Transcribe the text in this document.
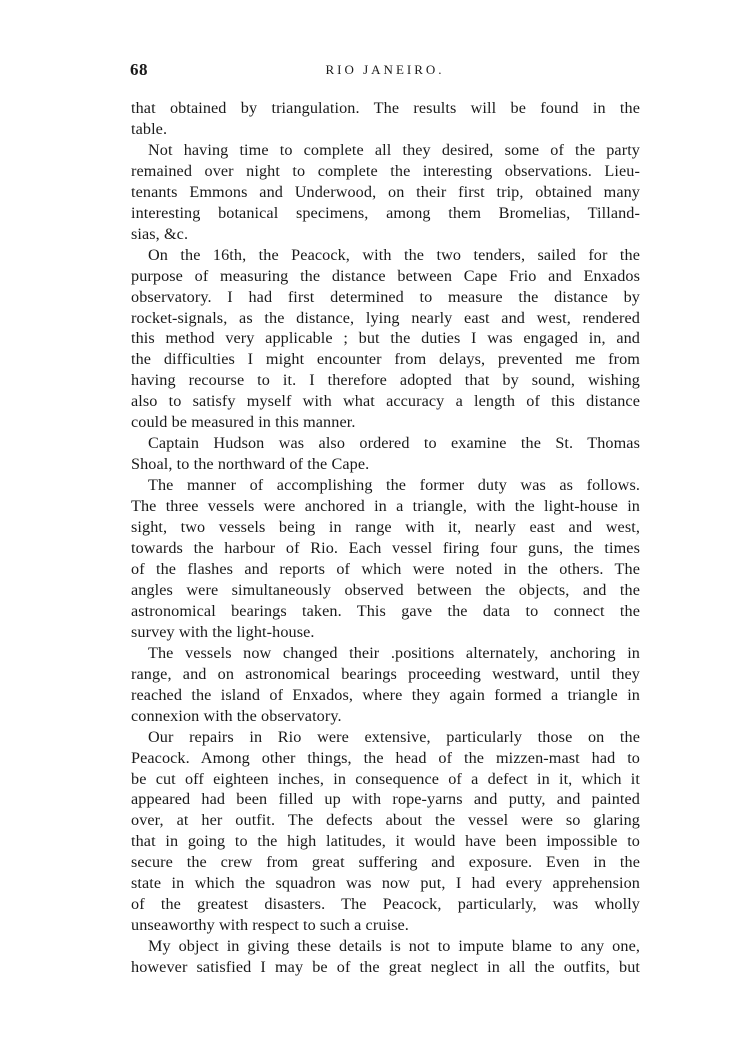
68	RIO JANEIRO.

that obtained by triangulation. The results will be found in the
table.

Not having time to complete all they desired, some of the party
remained over night to complete the interesting observations. Lieu-
tenants Emmons and Underwood, on their first trip, obtained many
interesting botanical specimens, among them Bromelias, Tilland-
sias, &c.

On the 16th, the Peacock, with the two tenders, sailed for the
purpose of measuring the distance between Cape Frio and Enxados
observatory. I had first determined to measure the distance by
rocket-signals, as the distance, lying nearly east and west, rendered
this method very applicable ; but the duties I was engaged in, and
the difficulties I might encounter from delays, prevented me from
having recourse to it. I therefore adopted that by sound, wishing
also to satisfy myself with what accuracy a length of this distance
could be measured in this manner.

Captain Hudson was also ordered to examine the St. Thomas
Shoal, to the northward of the Cape.

The manner of accomplishing the former duty was as follows.
The three vessels were anchored in a triangle, with the light-house in
sight, two vessels being in range with it, nearly east and west,
towards the harbour of Rio. Each vessel firing four guns, the times
of the flashes and reports of which were noted in the others. The
angles were simultaneously observed between the objects, and the
astronomical bearings taken. This gave the data to connect the
survey with the light-house.

The vessels now changed their .positions alternately, anchoring in
range, and on astronomical bearings proceeding westward, until they
reached the island of Enxados, where they again formed a triangle in
connexion with the observatory.

Our repairs in Rio were extensive, particularly those on the
Peacock. Among other things, the head of the mizzen-mast had to
be cut off eighteen inches, in consequence of a defect in it, which it
appeared had been filled up with rope-yarns and putty, and painted
over, at her outfit. The defects about the vessel were so glaring
that in going to the high latitudes, it would have been impossible to
secure the crew from great suffering and exposure. Even in the
state in which the squadron was now put, I had every apprehension
of the greatest disasters. The Peacock, particularly, was wholly
unseaworthy with respect to such a cruise.

My object in giving these details is not to impute blame to any one,
however satisfied I may be of the great neglect in all the outfits, but
